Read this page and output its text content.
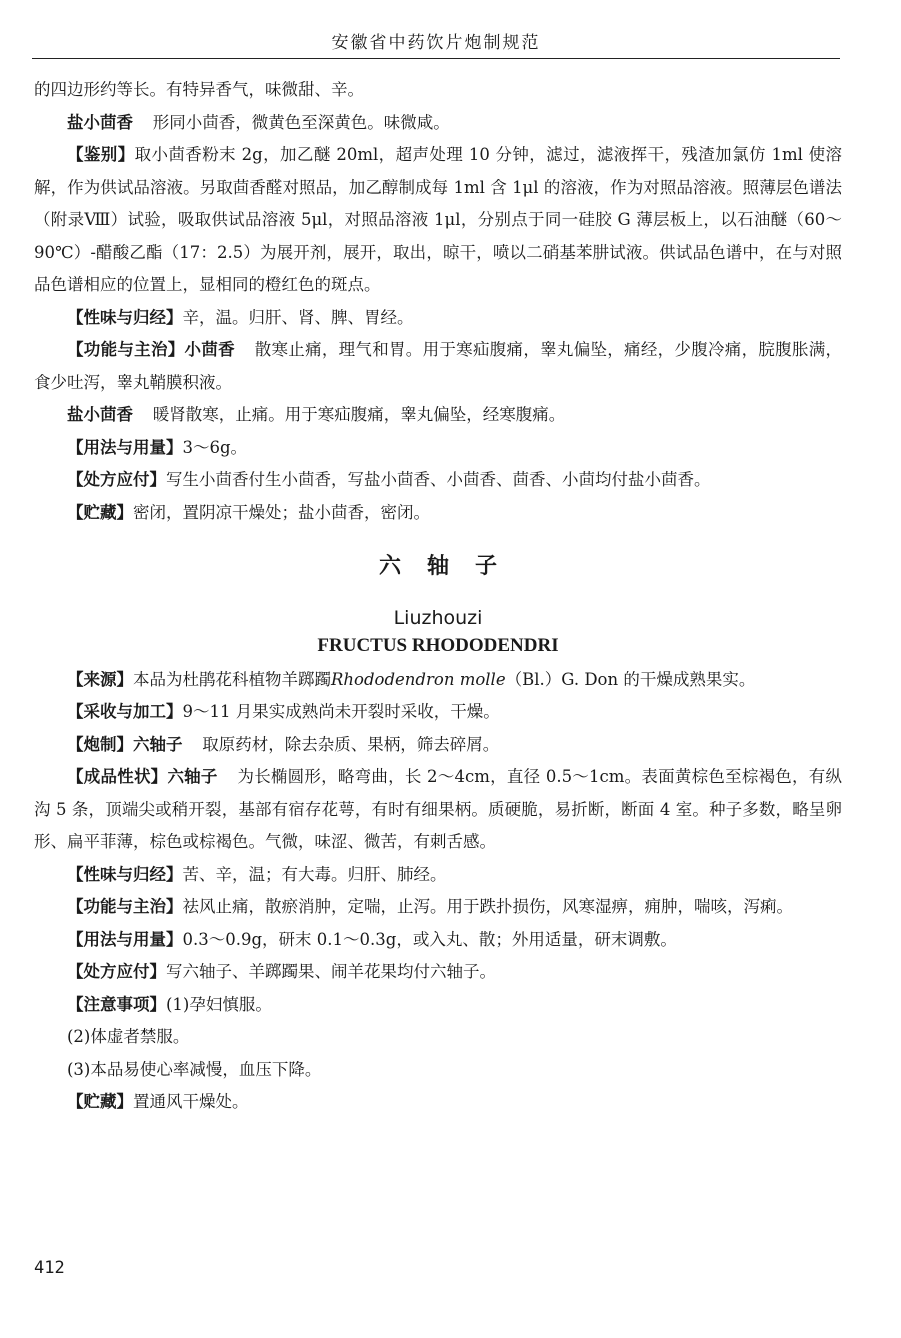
安徽省中药饮片炮制规范

的四边形约等长。有特异香气，味微甜、辛。

盐小茴香 形同小茴香，微黄色至深黄色。味微咸。

【鉴别】取小茴香粉末 2g，加乙醚 20ml，超声处理 10 分钟，滤过，滤液挥干，残渣加氯仿 1ml 使溶解，作为供试品溶液。另取茴香醛对照品，加乙醇制成每 1ml 含 1μl 的溶液，作为对照品溶液。照薄层色谱法（附录Ⅷ）试验，吸取供试品溶液 5μl，对照品溶液 1μl，分别点于同一硅胶 G 薄层板上，以石油醚（60～90℃）-醋酸乙酯（17：2.5）为展开剂，展开，取出，晾干，喷以二硝基苯肼试液。供试品色谱中，在与对照品色谱相应的位置上，显相同的橙红色的斑点。

【性味与归经】辛，温。归肝、肾、脾、胃经。

【功能与主治】小茴香 散寒止痛，理气和胃。用于寒疝腹痛，睾丸偏坠，痛经，少腹冷痛，脘腹胀满，食少吐泻，睾丸鞘膜积液。

盐小茴香 暖肾散寒，止痛。用于寒疝腹痛，睾丸偏坠，经寒腹痛。

【用法与用量】3～6g。

【处方应付】写生小茴香付生小茴香，写盐小茴香、小茴香、茴香、小茴均付盐小茴香。

【贮藏】密闭，置阴凉干燥处；盐小茴香，密闭。

六轴子
Liuzhouzi
FRUCTUS RHODODENDRI

【来源】本品为杜鹃花科植物羊踯躅Rhododendron molle（Bl.）G. Don 的干燥成熟果实。

【采收与加工】9～11 月果实成熟尚未开裂时采收，干燥。

【炮制】六轴子 取原药材，除去杂质、果柄，筛去碎屑。

【成品性状】六轴子 为长椭圆形，略弯曲，长 2～4cm，直径 0.5～1cm。表面黄棕色至棕褐色，有纵沟 5 条，顶端尖或稍开裂，基部有宿存花萼，有时有细果柄。质硬脆，易折断，断面 4 室。种子多数，略呈卵形、扁平菲薄，棕色或棕褐色。气微，味涩、微苦，有刺舌感。

【性味与归经】苦、辛，温；有大毒。归肝、肺经。

【功能与主治】祛风止痛，散瘀消肿，定喘，止泻。用于跌扑损伤，风寒湿痹，痈肿，喘咳，泻痢。

【用法与用量】0.3～0.9g，研末 0.1～0.3g，或入丸、散；外用适量，研末调敷。

【处方应付】写六轴子、羊踯躅果、闹羊花果均付六轴子。

【注意事项】(1)孕妇慎服。

(2)体虚者禁服。

(3)本品易使心率减慢，血压下降。

【贮藏】置通风干燥处。

412
